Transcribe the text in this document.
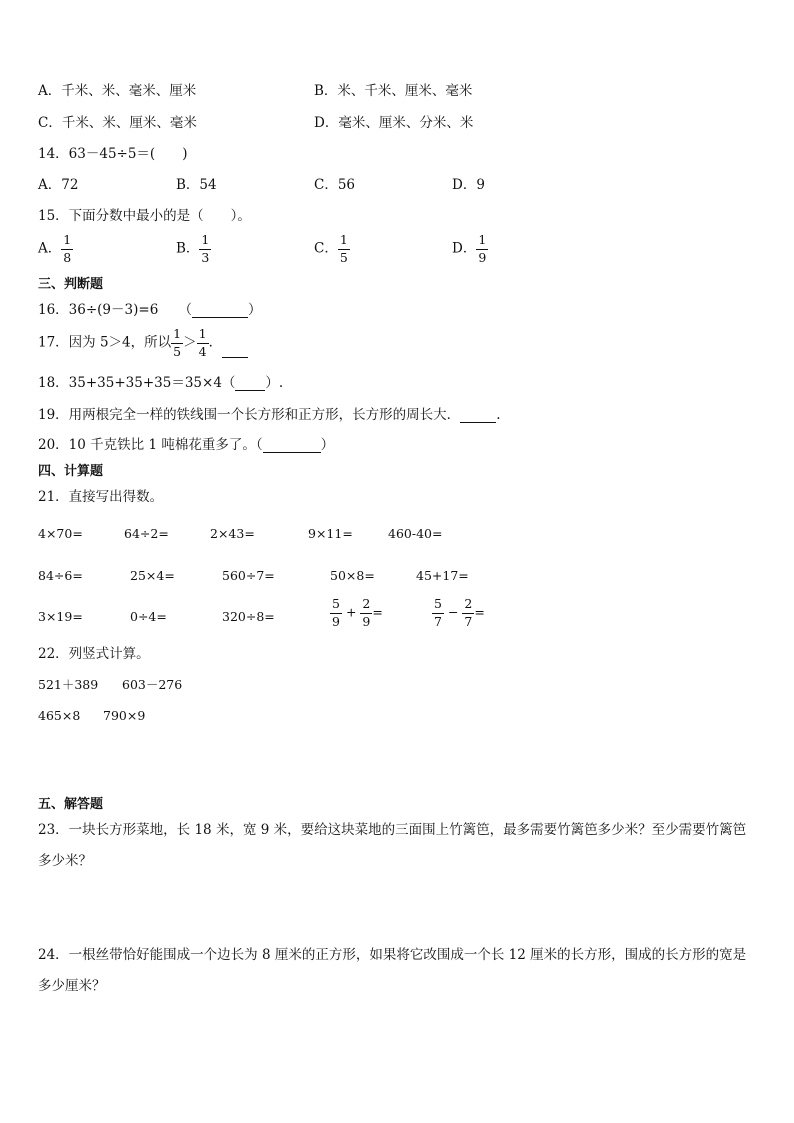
A．千米、米、毫米、厘米	B．米、千米、厘米、毫米
C．千米、米、厘米、毫米	D．毫米、厘米、分米、米
14．63－45÷5＝(　　)
A．72	B．54	C．56	D．9
15．下面分数中最小的是（　　）。
A． $\frac{1}{8}$	B． $\frac{1}{3}$	C． $\frac{1}{5}$	D． $\frac{1}{9}$
三、判断题
16．36÷(9－3)=6　　（	）
17．因为 5＞4，所以 $\frac{1}{5} > \frac{1}{4}$ ．
18．35+35+35+35＝35×4（ ）.
19．用两根完全一样的铁线围一个长方形和正方形，长方形的周长大．	.
20．10 千克铁比 1 吨棉花重多了。（	）
四、计算题
21．直接写出得数。
4×70=	64÷2=	2×43=	9×11=	460-40=
84÷6=	25×4=	560÷7=	50×8=	45+17=
3×19=	0÷4=	320÷8=	$\frac{5}{9} + \frac{2}{9}$ =	$\frac{5}{7} - \frac{2}{7}$ =
22．列竖式计算。
521＋389 603－276
465×8 790×9
五、解答题
23．一块长方形菜地，长 18 米，宽 9 米，要给这块菜地的三面围上竹篱笆，最多需要竹篱笆多少米？至少需要竹篱笆多少米？
24．一根丝带恰好能围成一个边长为 8 厘米的正方形，如果将它改围成一个长 12 厘米的长方形，围成的长方形的宽是多少厘米？
